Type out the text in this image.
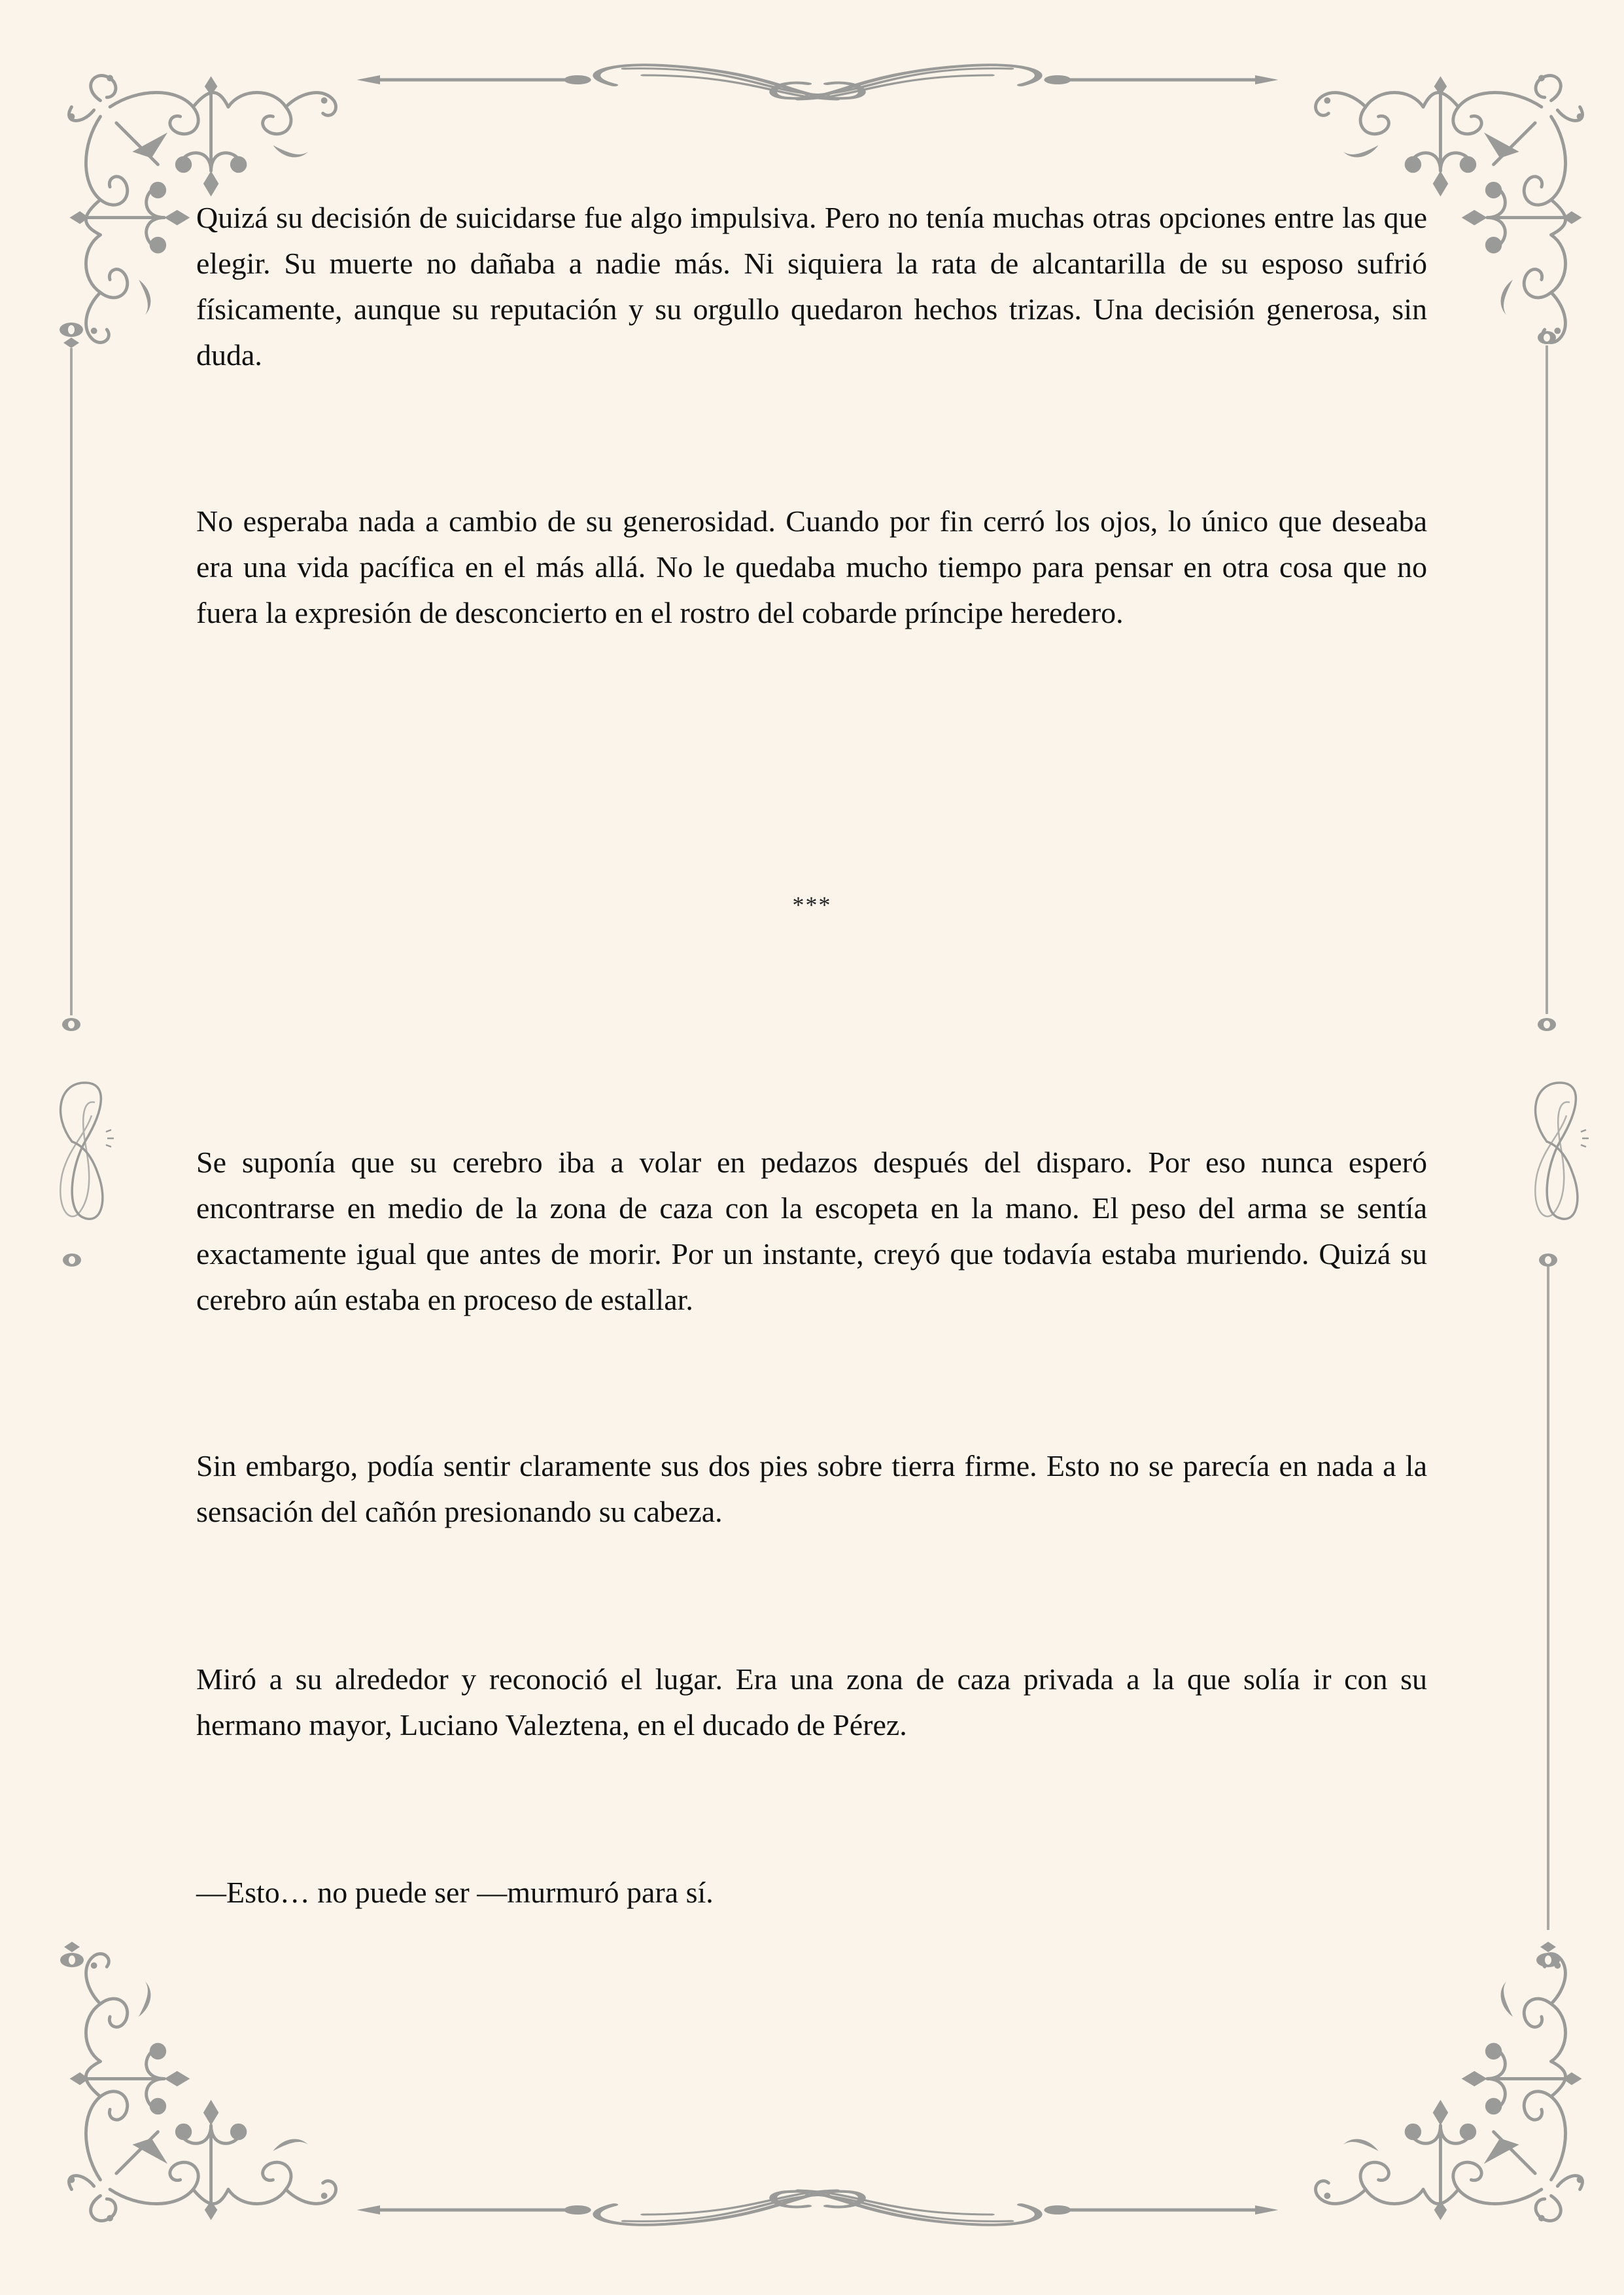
Quizá su decisión de suicidarse fue algo impulsiva. Pero no tenía muchas otras opciones entre las que elegir. Su muerte no dañaba a nadie más. Ni siquiera la rata de alcantarilla de su esposo sufrió físicamente, aunque su reputación y su orgullo quedaron hechos trizas. Una decisión generosa, sin duda.

No esperaba nada a cambio de su generosidad. Cuando por fin cerró los ojos, lo único que deseaba era una vida pacífica en el más allá. No le quedaba mucho tiempo para pensar en otra cosa que no fuera la expresión de desconcierto en el rostro del cobarde príncipe heredero.

***

Se suponía que su cerebro iba a volar en pedazos después del disparo. Por eso nunca esperó encontrarse en medio de la zona de caza con la escopeta en la mano. El peso del arma se sentía exactamente igual que antes de morir. Por un instante, creyó que todavía estaba muriendo. Quizá su cerebro aún estaba en proceso de estallar.

Sin embargo, podía sentir claramente sus dos pies sobre tierra firme. Esto no se parecía en nada a la sensación del cañón presionando su cabeza.

Miró a su alrededor y reconoció el lugar. Era una zona de caza privada a la que solía ir con su hermano mayor, Luciano Valeztena, en el ducado de Pérez.

—Esto… no puede ser —murmuró para sí.
